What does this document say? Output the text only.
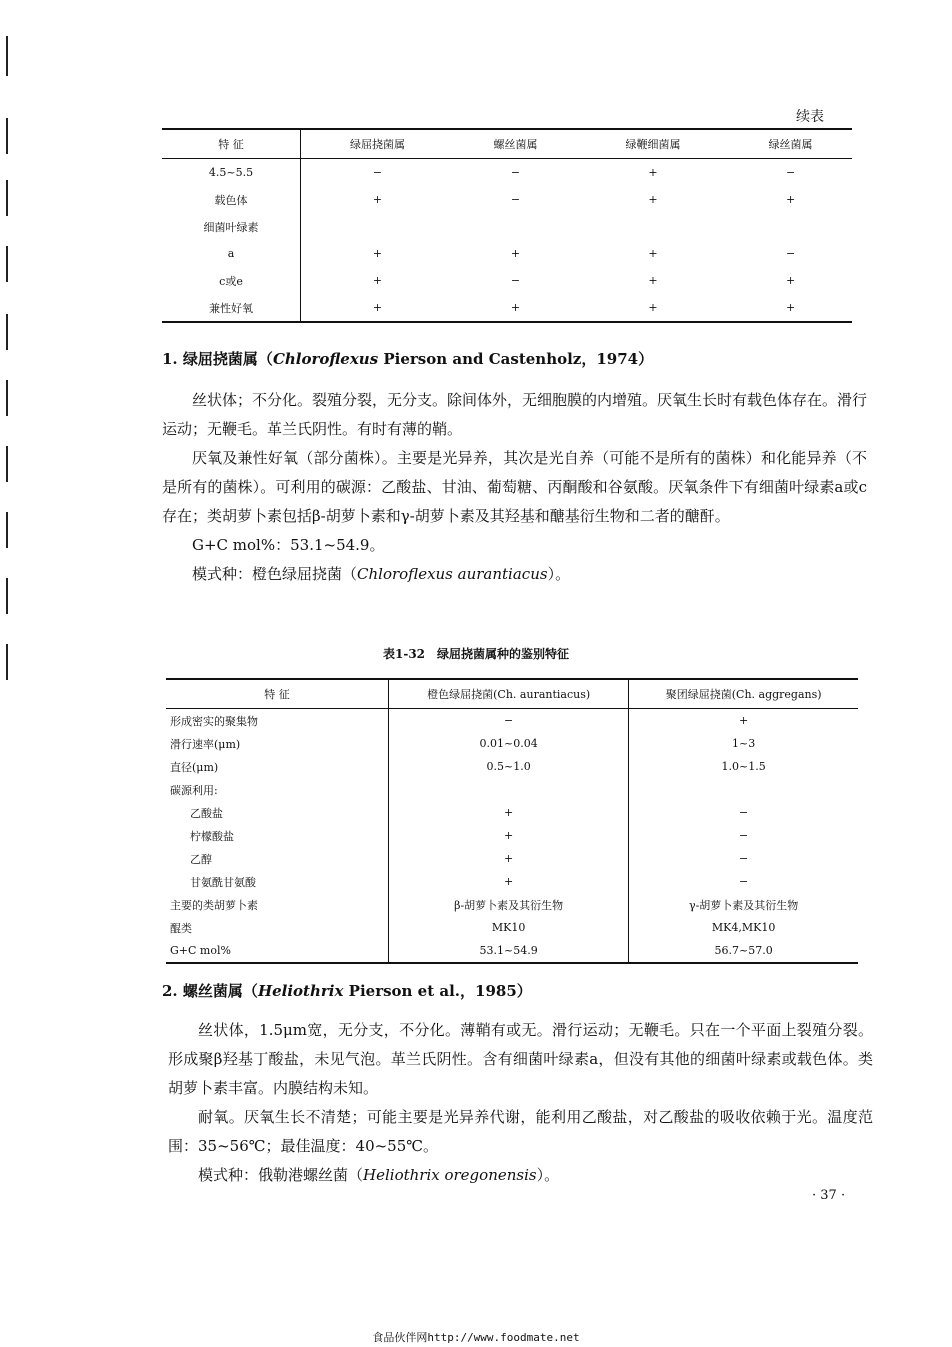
续表
特 征	绿屈挠菌属	螺丝菌属	绿鞭细菌属	绿丝菌属
4.5~5.5	−	−	+	−
载色体	+	−	+	+
细菌叶绿素				
a	+	+	+	−
c或e	+	−	+	+
兼性好氧	+	+	+	+
1. 绿屈挠菌属（Chloroflexus Pierson and Castenholz，1974）

丝状体；不分化。裂殖分裂，无分支。除间体外，无细胞膜的内增殖。厌氧生长时有载色体存在。滑行运动；无鞭毛。革兰氏阴性。有时有薄的鞘。

厌氧及兼性好氧（部分菌株）。主要是光异养，其次是光自养（可能不是所有的菌株）和化能异养（不是所有的菌株）。可利用的碳源：乙酸盐、甘油、葡萄糖、丙酮酸和谷氨酸。厌氧条件下有细菌叶绿素a或c存在；类胡萝卜素包括β-胡萝卜素和γ-胡萝卜素及其羟基和醣基衍生物和二者的醣酐。

G+C mol%：53.1~54.9。

模式种：橙色绿屈挠菌（Chloroflexus aurantiacus）。

表1-32　绿屈挠菌属种的鉴别特征
特 征	橙色绿屈挠菌(Ch. aurantiacus)	聚团绿屈挠菌(Ch. aggregans)
形成密实的聚集物	−	+
滑行速率(μm)	0.01~0.04	1~3
直径(μm)	0.5~1.0	1.0~1.5
碳源利用:		
乙酸盐	+	−
柠檬酸盐	+	−
乙醇	+	−
甘氨酰甘氨酸	+	−
主要的类胡萝卜素	β-胡萝卜素及其衍生物	γ-胡萝卜素及其衍生物
醌类	MK10	MK4,MK10
G+C mol%	53.1~54.9	56.7~57.0
2. 螺丝菌属（Heliothrix Pierson et al.，1985）

丝状体，1.5μm宽，无分支，不分化。薄鞘有或无。滑行运动；无鞭毛。只在一个平面上裂殖分裂。形成聚β羟基丁酸盐，未见气泡。革兰氏阴性。含有细菌叶绿素a，但没有其他的细菌叶绿素或载色体。类胡萝卜素丰富。内膜结构未知。

耐氧。厌氧生长不清楚；可能主要是光异养代谢，能利用乙酸盐，对乙酸盐的吸收依赖于光。温度范围：35~56℃；最佳温度：40~55℃。

模式种：俄勒港螺丝菌（Heliothrix oregonensis）。

· 37 ·
食品伙伴网http://www.foodmate.net
